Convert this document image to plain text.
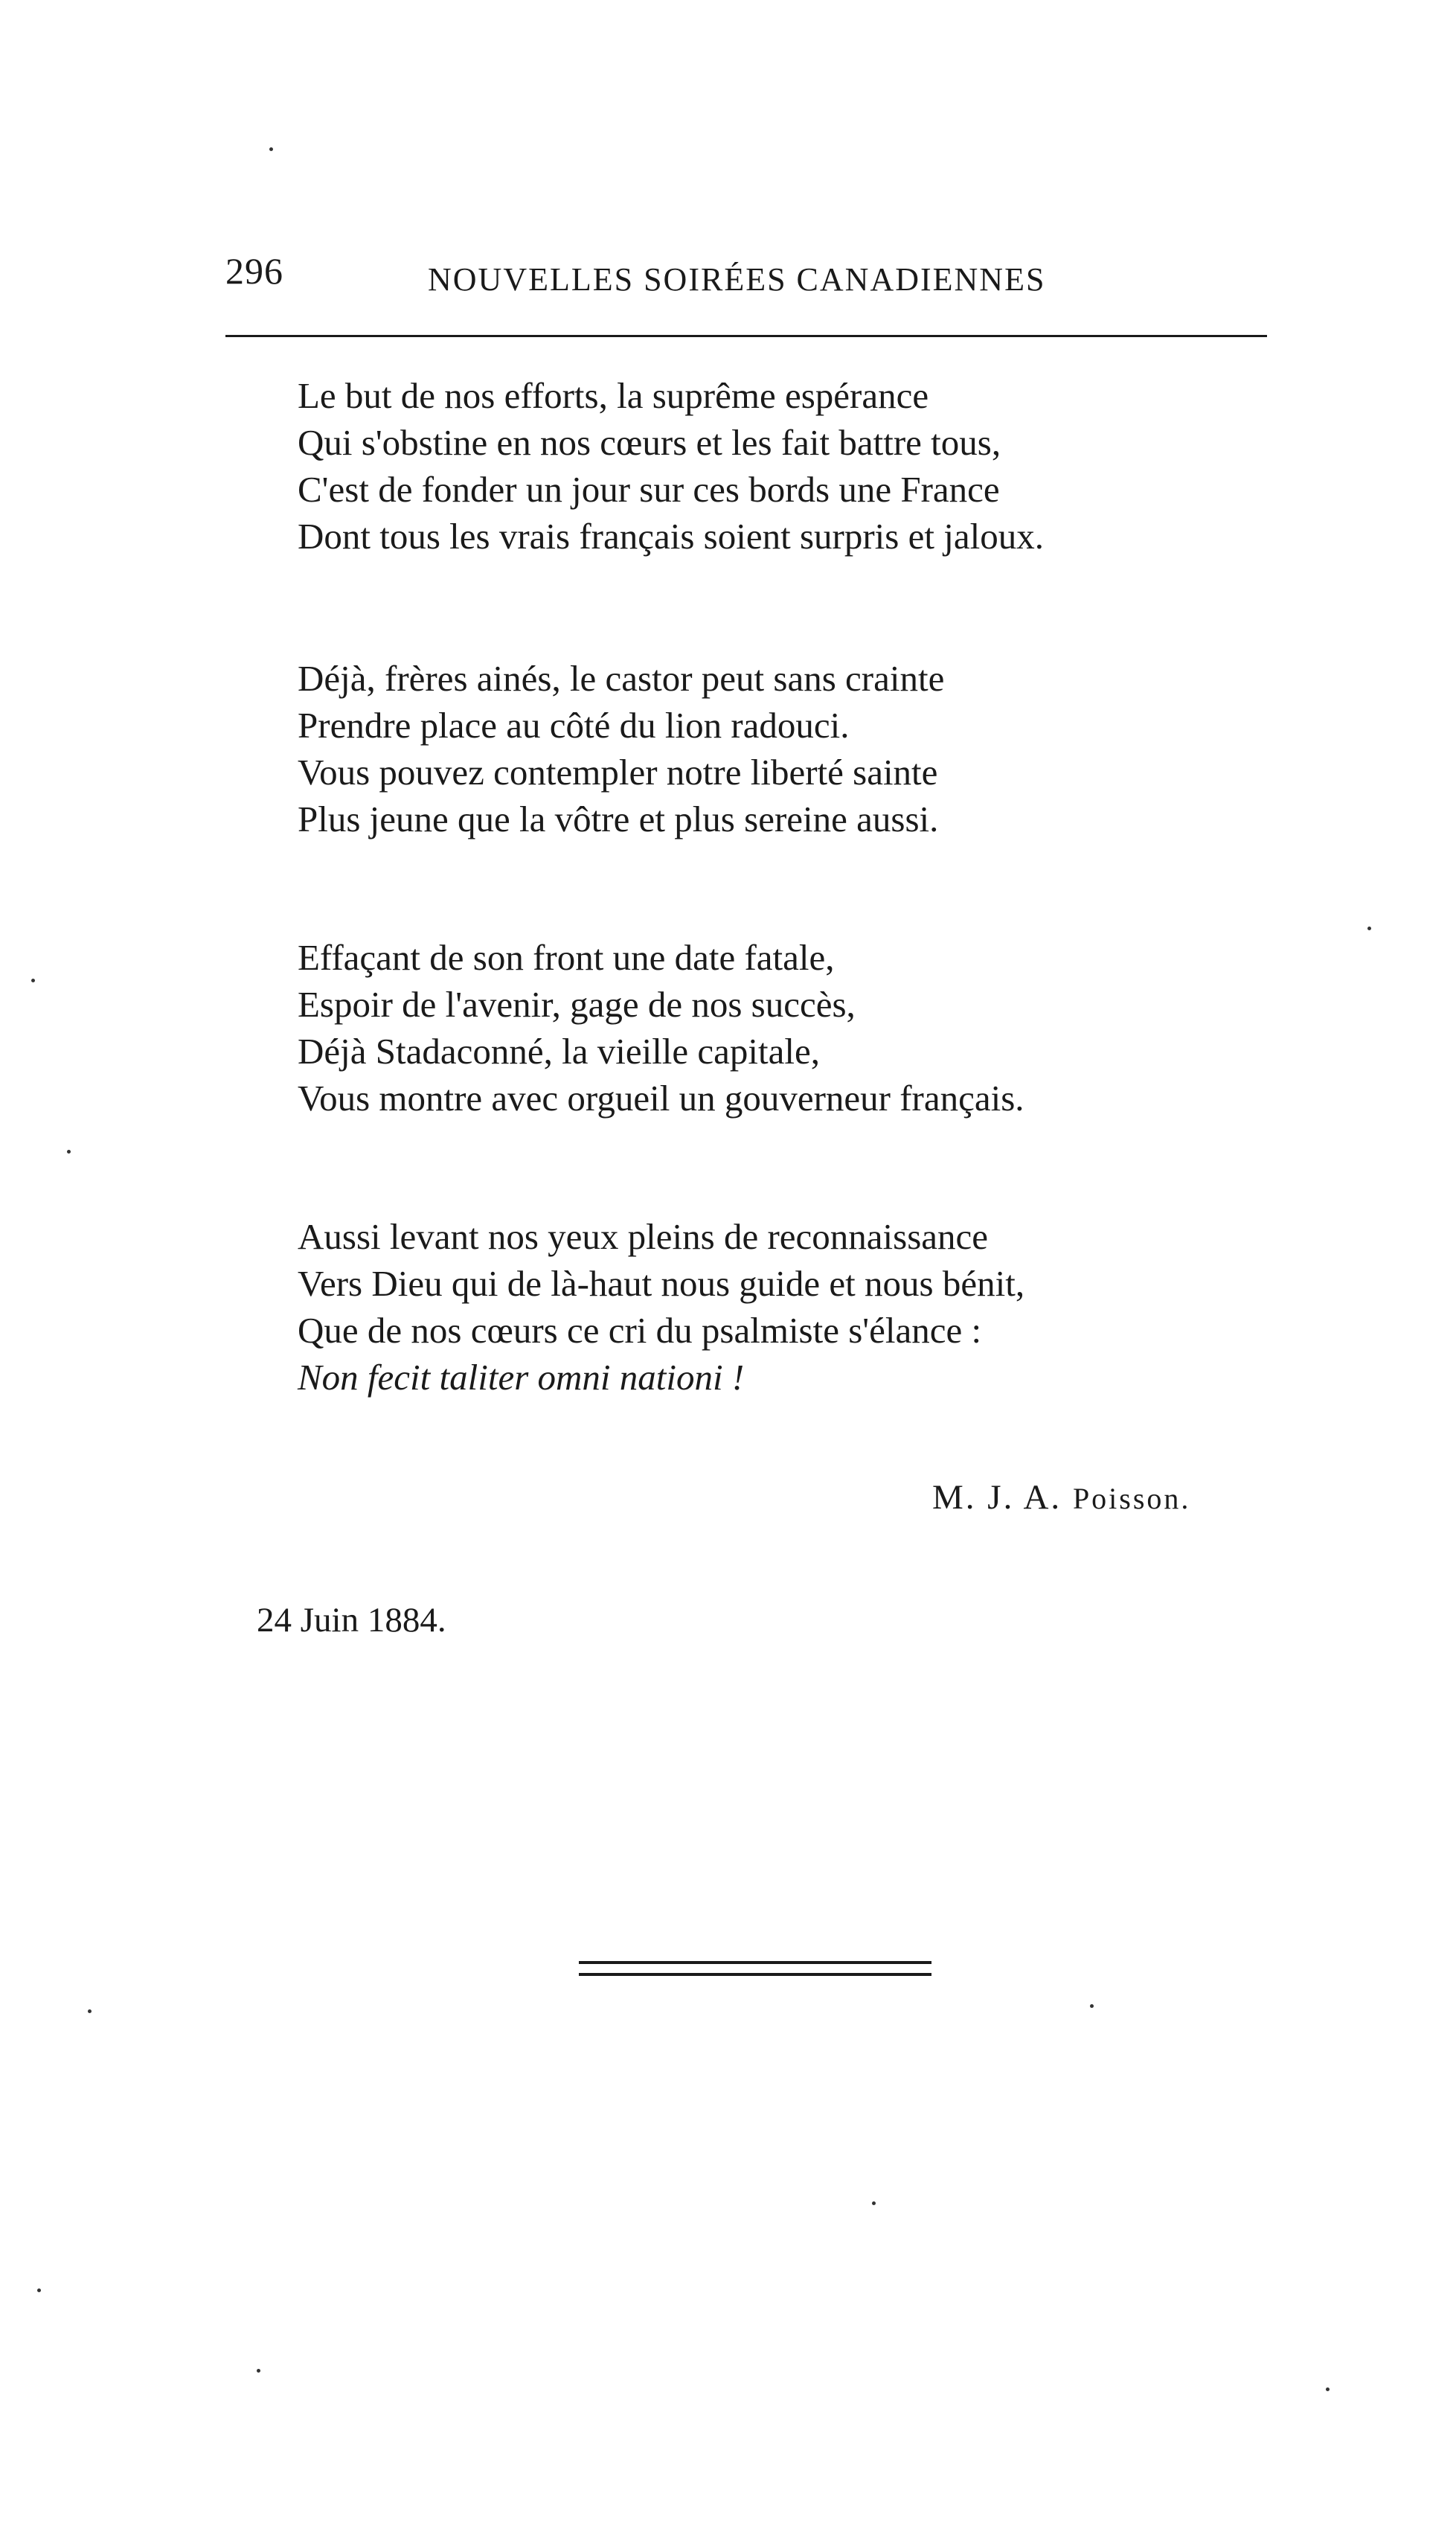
296	NOUVELLES SOIRÉES CANADIENNES
Le but de nos efforts, la suprême espérance
Qui s'obstine en nos cœurs et les fait battre tous,
C'est de fonder un jour sur ces bords une France
Dont tous les vrais français soient surpris et jaloux.
Déjà, frères ainés, le castor peut sans crainte
Prendre place au côté du lion radouci.
Vous pouvez contempler notre liberté sainte
Plus jeune que la vôtre et plus sereine aussi.
Effaçant de son front une date fatale,
Espoir de l'avenir, gage de nos succès,
Déjà Stadaconné, la vieille capitale,
Vous montre avec orgueil un gouverneur français.
Aussi levant nos yeux pleins de reconnaissance
Vers Dieu qui de là-haut nous guide et nous bénit,
Que de nos cœurs ce cri du psalmiste s'élance :
Non fecit taliter omni nationi !
M. J. A. Poisson.
24 Juin 1884.
